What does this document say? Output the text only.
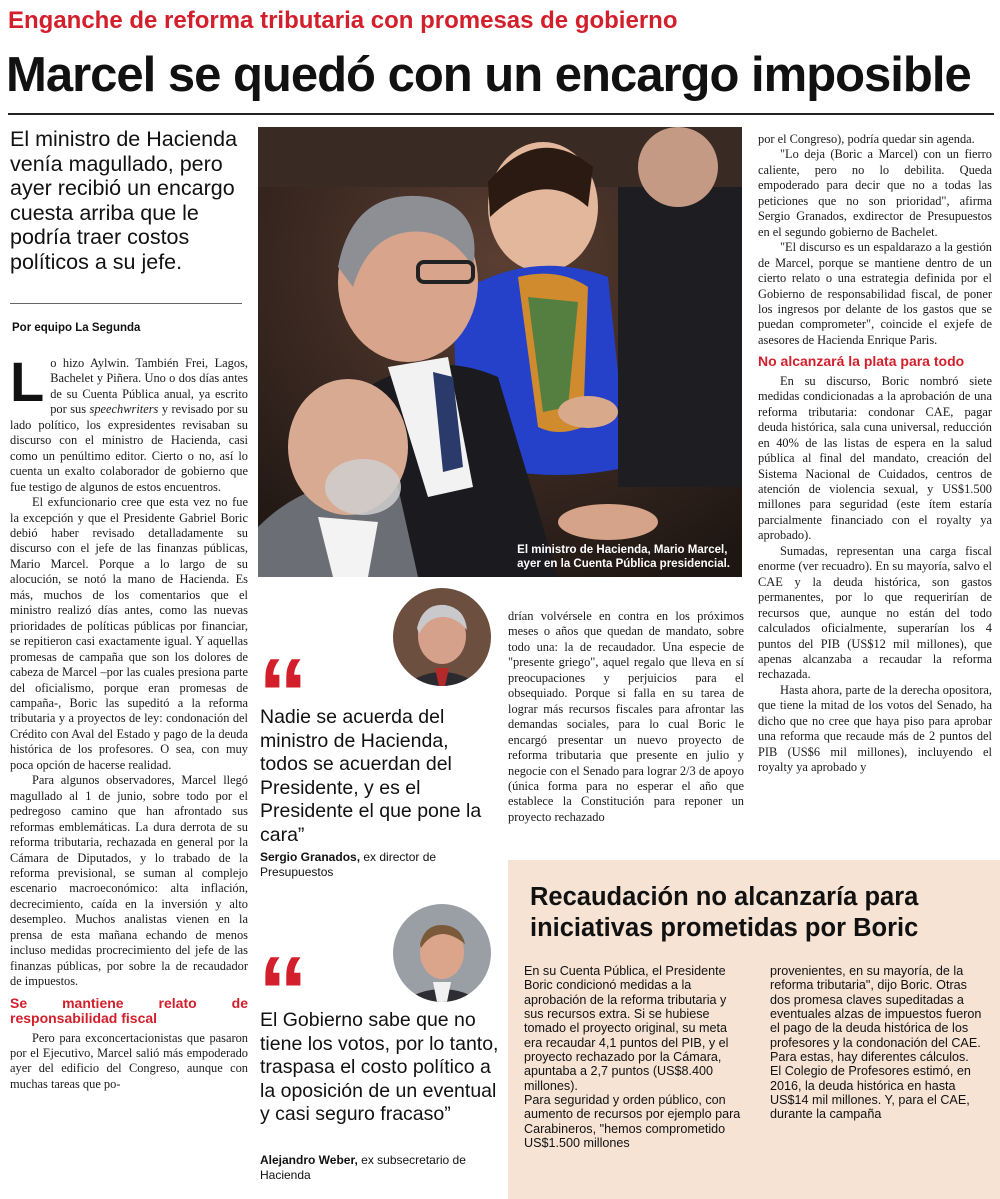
Enganche de reforma tributaria con promesas de gobierno
Marcel se quedó con un encargo imposible
El ministro de Hacienda venía magullado, pero ayer recibió un encargo cuesta arriba que le podría traer costos políticos a su jefe.
Por equipo La Segunda

Lo hizo Aylwin. También Frei, Lagos, Bachelet y Piñera. Uno o dos días antes de su Cuenta Pública anual, ya escrito por sus speechwriters y revisado por su lado político, los expresidentes revisaban su discurso con el ministro de Hacienda, casi como un penúltimo editor. Cierto o no, así lo cuenta un exalto colaborador de gobierno que fue testigo de algunos de estos encuentros.

El exfuncionario cree que esta vez no fue la excepción y que el Presidente Gabriel Boric debió haber revisado detalladamente su discurso con el jefe de las finanzas públicas, Mario Marcel. Porque a lo largo de su alocución, se notó la mano de Hacienda. Es más, muchos de los comentarios que el ministro realizó días antes, como las nuevas prioridades de políticas públicas por financiar, se repitieron casi exactamente igual. Y aquellas promesas de campaña que son los dolores de cabeza de Marcel –por las cuales presiona parte del oficialismo, porque eran promesas de campaña-, Boric las supeditó a la reforma tributaria y a proyectos de ley: condonación del Crédito con Aval del Estado y pago de la deuda histórica de los profesores. O sea, con muy poca opción de hacerse realidad.

Para algunos observadores, Marcel llegó magullado al 1 de junio, sobre todo por el pedregoso camino que han afrontado sus reformas emblemáticas. La dura derrota de su reforma tributaria, rechazada en general por la Cámara de Diputados, y lo trabado de la reforma previsional, se suman al complejo escenario macroeconómico: alta inflación, decrecimiento, caída en la inversión y alto desempleo. Muchos analistas vienen en la prensa de esta mañana echando de menos incluso medidas procrecimiento del jefe de las finanzas públicas, por sobre la de recaudador de impuestos.

Se mantiene relato de responsabilidad fiscal

Pero para exconcertacionistas que pasaron por el Ejecutivo, Marcel salió más empoderado ayer del edificio del Congreso, aunque con muchas tareas que po-

El ministro de Hacienda, Mario Marcel,
ayer en la Cuenta Pública presidencial.
“
Nadie se acuerda del ministro de Hacienda, todos se acuerdan del Presidente, y es el Presidente el que pone la cara”
Sergio Granados, ex director de Presupuestos
“
El Gobierno sabe que no tiene los votos, por lo tanto, traspasa el costo político a la oposición de un eventual y casi seguro fracaso”
Alejandro Weber, ex subsecretario de Hacienda

drían volvérsele en contra en los próximos meses o años que quedan de mandato, sobre todo una: la de recaudador. Una especie de "presente griego", aquel regalo que lleva en sí preocupaciones y perjuicios para el obsequiado. Porque si falla en su tarea de lograr más recursos fiscales para afrontar las demandas sociales, para lo cual Boric le encargó presentar un nuevo proyecto de reforma tributaria que presente en julio y negocie con el Senado para lograr 2/3 de apoyo (única forma para no esperar el año que establece la Constitución para reponer un proyecto rechazado

por el Congreso), podría quedar sin agenda.

"Lo deja (Boric a Marcel) con un fierro caliente, pero no lo debilita. Queda empoderado para decir que no a todas las peticiones que no son prioridad", afirma Sergio Granados, exdirector de Presupuestos en el segundo gobierno de Bachelet.

"El discurso es un espaldarazo a la gestión de Marcel, porque se mantiene dentro de un cierto relato o una estrategia definida por el Gobierno de responsabilidad fiscal, de poner los ingresos por delante de los gastos que se puedan comprometer", coincide el exjefe de asesores de Hacienda Enrique Paris.

No alcanzará la plata para todo

En su discurso, Boric nombró siete medidas condicionadas a la aprobación de una reforma tributaria: condonar CAE, pagar deuda histórica, sala cuna universal, reducción en 40% de las listas de espera en la salud pública al final del mandato, creación del Sistema Nacional de Cuidados, centros de atención de violencia sexual, y US$1.500 millones para seguridad (este ítem estaría parcialmente financiado con el royalty ya aprobado).

Sumadas, representan una carga fiscal enorme (ver recuadro). En su mayoría, salvo el CAE y la deuda histórica, son gastos permanentes, por lo que requerirían de recursos que, aunque no están del todo calculados oficialmente, superarían los 4 puntos del PIB (US$12 mil millones), que apenas alcanzaba a recaudar la reforma rechazada.

Hasta ahora, parte de la derecha opositora, que tiene la mitad de los votos del Senado, ha dicho que no cree que haya piso para aprobar una reforma que recaude más de 2 puntos del PIB (US$6 mil millones), incluyendo el royalty ya aprobado y

Recaudación no alcanzaría para iniciativas prometidas por Boric

En su Cuenta Pública, el Presidente Boric condicionó medidas a la aprobación de la reforma tributaria y sus recursos extra. Si se hubiese tomado el proyecto original, su meta era recaudar 4,1 puntos del PIB, y el proyecto rechazado por la Cámara, apuntaba a 2,7 puntos (US$8.400 millones).

Para seguridad y orden público, con aumento de recursos por ejemplo para Carabineros, "hemos comprometido US$1.500 millones

provenientes, en su mayoría, de la reforma tributaria", dijo Boric. Otras dos promesa claves supeditadas a eventuales alzas de impuestos fueron el pago de la deuda histórica de los profesores y la condonación del CAE.

Para estas, hay diferentes cálculos.

El Colegio de Profesores estimó, en 2016, la deuda histórica en hasta US$14 mil millones. Y, para el CAE, durante la campaña
